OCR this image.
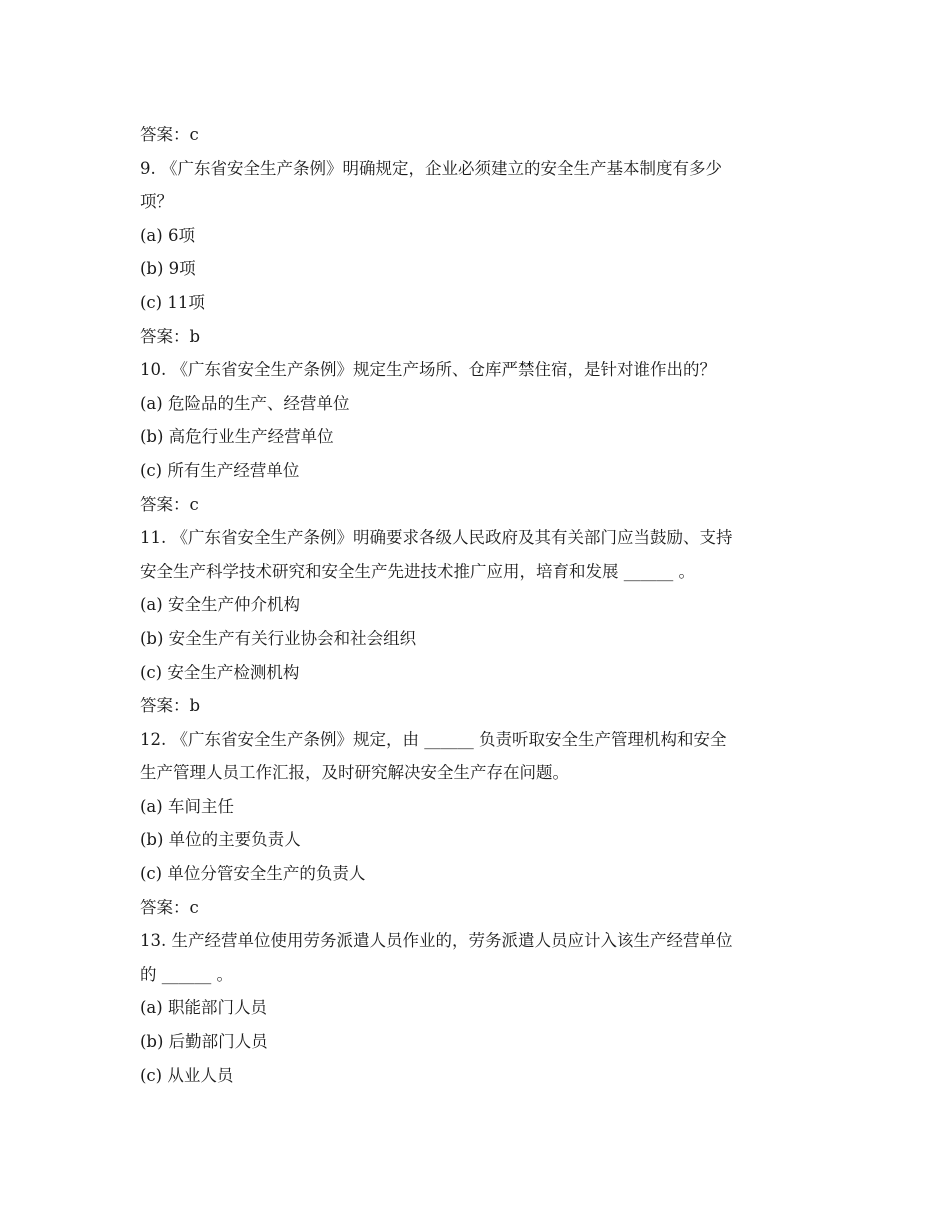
答案：c
9. 《广东省安全生产条例》明确规定，企业必须建立的安全生产基本制度有多少
项？
(a) 6项
(b) 9项
(c) 11项
答案：b
10. 《广东省安全生产条例》规定生产场所、仓库严禁住宿，是针对谁作出的？
(a) 危险品的生产、经营单位
(b) 高危行业生产经营单位
(c) 所有生产经营单位
答案：c
11. 《广东省安全生产条例》明确要求各级人民政府及其有关部门应当鼓励、支持
安全生产科学技术研究和安全生产先进技术推广应用，培育和发展 ______ 。
(a) 安全生产仲介机构
(b) 安全生产有关行业协会和社会组织
(c) 安全生产检测机构
答案：b
12. 《广东省安全生产条例》规定，由 ______ 负责听取安全生产管理机构和安全
生产管理人员工作汇报，及时研究解决安全生产存在问题。
(a) 车间主任
(b) 单位的主要负责人
(c) 单位分管安全生产的负责人
答案：c
13. 生产经营单位使用劳务派遣人员作业的，劳务派遣人员应计入该生产经营单位
的 ______ 。
(a) 职能部门人员
(b) 后勤部门人员
(c) 从业人员
